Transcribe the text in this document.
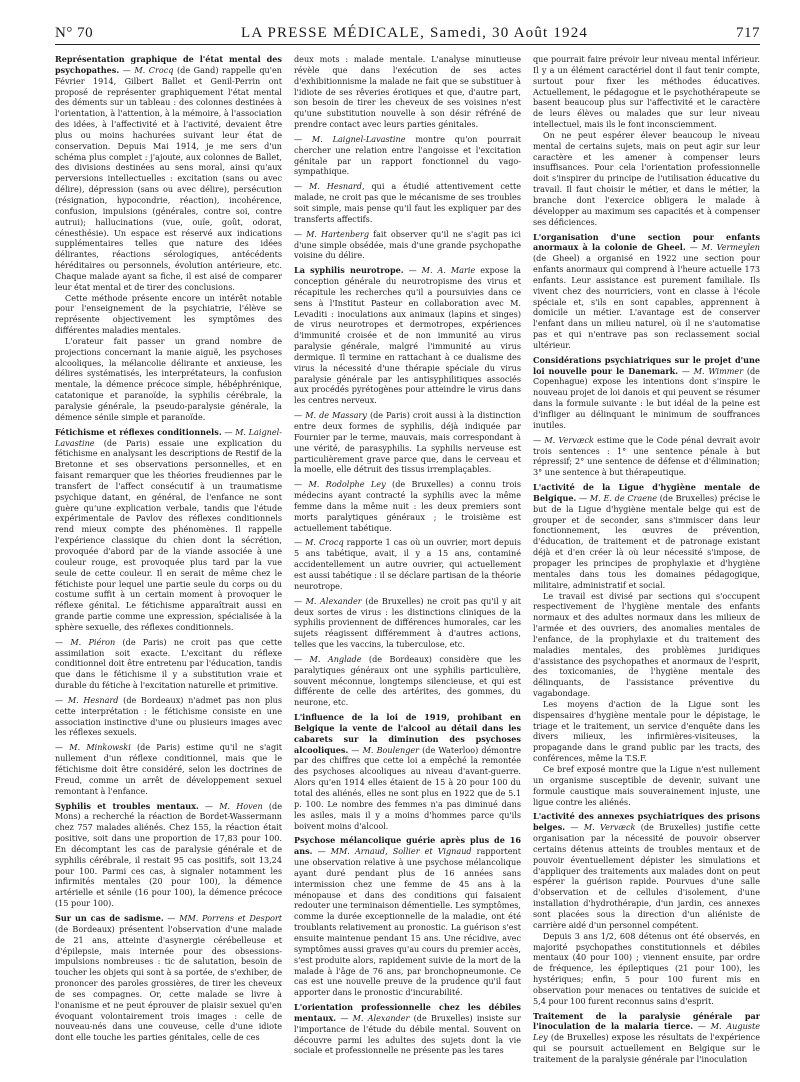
N° 70	LA PRESSE MÉDICALE, Samedi, 30 Août 1924	717

Représentation graphique de l'état mental des psychopathes. — M. Crocq (de Gand) rappelle qu'en Février 1914, Gilbert Ballet et Genil-Perrin ont proposé de représenter graphiquement l'état mental des déments sur un tableau : des colonnes destinées à l'orientation, à l'attention, à la mémoire, à l'association des idées, à l'affectivité et à l'activité, devaient être plus ou moins hachurées suivant leur état de conservation. Depuis Mai 1914, je me sers d'un schéma plus complet : j'ajoute, aux colonnes de Ballet, des divisions destinées au sens moral, ainsi qu'aux perversions intellectuelles : excitation (sans ou avec délire), dépression (sans ou avec délire), persécution (résignation, hypocondrie, réaction), incohérence, confusion, impulsions (générales, contre soi, contre autrui); hallucinations (vue, ouïe, goût, odorat, cénesthésie). Un espace est réservé aux indications supplémentaires telles que nature des idées délirantes, réactions sérologiques, antécédents héréditaires ou personnels, évolution antérieure, etc. Chaque malade ayant sa fiche, il est aisé de comparer leur état mental et de tirer des conclusions.

Cette méthode présente encore un intérêt notable pour l'enseignement de la psychiatrie, l'élève se représente objectivement les symptômes des différentes maladies mentales.

L'orateur fait passer un grand nombre de projections concernant la manie aiguë, les psychoses alcooliques, la mélancolie délirante et anxieuse, les délires systématisés, les interprétateurs, la confusion mentale, la démence précoce simple, hébéphrénique, catatonique et paranoïde, la syphilis cérébrale, la paralysie générale, la pseudo-paralysie générale, la démence sénile simple et paranoïde.

Fétichisme et réflexes conditionnels. — M. Laignel-Lavastine (de Paris) essaie une explication du fétichisme en analysant les descriptions de Restif de la Bretonne et ses observations personnelles, et en faisant remarquer que les théories freudiennes par le transfert de l'affect consécutif à un traumatisme psychique datant, en général, de l'enfance ne sont guère qu'une explication verbale, tandis que l'étude expérimentale de Pavlov des réflexes conditionnels rend mieux compte des phénomènes. Il rappelle l'expérience classique du chien dont la sécrétion, provoquée d'abord par de la viande associée à une couleur rouge, est provoquée plus tard par la vue seule de cette couleur. Il en serait de même chez le fétichiste pour lequel une partie seule du corps ou du costume suffit à un certain moment à provoquer le réflexe génital. Le fétichisme apparaîtrait aussi en grande partie comme une expression, spécialisée à la sphère sexuelle, des réflexes conditionnels.

— M. Piéron (de Paris) ne croit pas que cette assimilation soit exacte. L'excitant du réflexe conditionnel doit être entretenu par l'éducation, tandis que dans le fétichisme il y a substitution vraie et durable du fétiche à l'excitation naturelle et primitive.

— M. Hesnard (de Bordeaux) n'admet pas non plus cette interprétation : le fétichisme consiste en une association instinctive d'une ou plusieurs images avec les réflexes sexuels.

— M. Minkowski (de Paris) estime qu'il ne s'agit nullement d'un réflexe conditionnel, mais que le fétichisme doit être considéré, selon les doctrines de Freud, comme un arrêt de développement sexuel remontant à l'enfance.

Syphilis et troubles mentaux. — M. Hoven (de Mons) a recherché la réaction de Bordet-Wassermann chez 757 malades aliénés. Chez 155, la réaction était positive, soit dans une proportion de 17,83 pour 100. En décomptant les cas de paralysie générale et de syphilis cérébrale, il restait 95 cas positifs, soit 13,24 pour 100. Parmi ces cas, à signaler notamment les infirmités mentales (20 pour 100), la démence artérielle et sénile (16 pour 100), la démence précoce (15 pour 100).

Sur un cas de sadisme. — MM. Porrens et Desport (de Bordeaux) présentent l'observation d'une malade de 21 ans, atteinte d'asynergie cérébelleuse et d'épilepsie, mais internée pour des obsessions-impulsions nombreuses : tic de salutation, besoin de toucher les objets qui sont à sa portée, de s'exhiber, de prononcer des paroles grossières, de tirer les cheveux de ses compagnes. Or, cette malade se livre à l'onanisme et ne peut éprouver de plaisir sexuel qu'en évoquant volontairement trois images : celle de nouveau-nés dans une couveuse, celle d'une idiote dont elle touche les parties génitales, celle de ces

deux mots : malade mentale. L'analyse minutieuse révèle que dans l'exécution de ses actes d'exhibitionnisme la malade ne fait que se substituer à l'idiote de ses rêveries érotiques et que, d'autre part, son besoin de tirer les cheveux de ses voisines n'est qu'une substitution nouvelle à son désir réfréné de prendre contact avec leurs parties génitales.

— M. Laignel-Lavastine montre qu'on pourrait chercher une relation entre l'angoisse et l'excitation génitale par un rapport fonctionnel du vago-sympathique.

— M. Hesnard, qui a étudié attentivement cette malade, ne croit pas que le mécanisme de ses troubles soit simple, mais pense qu'il faut les expliquer par des transferts affectifs.

— M. Hartenberg fait observer qu'il ne s'agit pas ici d'une simple obsédée, mais d'une grande psychopathe voisine du délire.

La syphilis neurotrope. — M. A. Marie expose la conception générale du neurotropisme des virus et récapitule les recherches qu'il a poursuivies dans ce sens à l'Institut Pasteur en collaboration avec M. Levaditi : inoculations aux animaux (lapins et singes) de virus neurotropes et dermotropes, expériences d'immunité croisée et de non immunité au virus paralysie générale, malgré l'immunité au virus dermique. Il termine en rattachant à ce dualisme des virus la nécessité d'une thérapie spéciale du virus paralysie générale par les antisyphilitiques associés aux procédés pyrétogènes pour atteindre le virus dans les centres nerveux.

— M. de Massary (de Paris) croit aussi à la distinction entre deux formes de syphilis, déjà indiquée par Fournier par le terme, mauvais, mais correspondant à une vérité, de parasyphilis. La syphilis nerveuse est particulièrement grave parce que, dans le cerveau et la moelle, elle détruit des tissus irremplaçables.

— M. Rodolphe Ley (de Bruxelles) a connu trois médecins ayant contracté la syphilis avec la même femme dans la même nuit : les deux premiers sont morts paralytiques généraux ; le troisième est actuellement tabétique.

— M. Crocq rapporte 1 cas où un ouvrier, mort depuis 5 ans tabétique, avait, il y a 15 ans, contaminé accidentellement un autre ouvrier, qui actuellement est aussi tabétique : il se déclare partisan de la théorie neurotrope.

— M. Alexander (de Bruxelles) ne croit pas qu'il y ait deux sortes de virus : les distinctions cliniques de la syphilis proviennent de différences humorales, car les sujets réagissent différemment à d'autres actions, telles que les vaccins, la tuberculose, etc.

— M. Anglade (de Bordeaux) considère que les paralytiques généraux ont une syphilis particulière, souvent méconnue, longtemps silencieuse, et qui est différente de celle des artérites, des gommes, du neurone, etc.

L'influence de la loi de 1919, prohibant en Belgique la vente de l'alcool au détail dans les cabarets sur la diminution des psychoses alcooliques. — M. Boulenger (de Waterloo) démontre par des chiffres que cette loi a empêché la remontée des psychoses alcooliques au niveau d'avant-guerre. Alors qu'en 1914 elles étaient de 15 à 20 pour 100 du total des aliénés, elles ne sont plus en 1922 que de 5.1 p. 100. Le nombre des femmes n'a pas diminué dans les asiles, mais il y a moins d'hommes parce qu'ils boivent moins d'alcool.

Psychose mélancolique guérie après plus de 16 ans. — MM. Arnaud, Sollier et Vignaud rapportent une observation relative à une psychose mélancolique ayant duré pendant plus de 16 années sans intermission chez une femme de 45 ans à la ménopause et dans des conditions qui faisaient redouter une terminaison démentielle. Les symptômes, comme la durée exceptionnelle de la maladie, ont été troublants relativement au pronostic. La guérison s'est ensuite maintenue pendant 15 ans. Une récidive, avec symptômes aussi graves qu'au cours du premier accès, s'est produite alors, rapidement suivie de la mort de la malade à l'âge de 76 ans, par bronchopneumonie. Ce cas est une nouvelle preuve de la prudence qu'il faut apporter dans le pronostic d'incurabilité.

L'orientation professionnelle chez les débiles mentaux. — M. Alexander (de Bruxelles) insiste sur l'importance de l'étude du débile mental. Souvent on découvre parmi les adultes des sujets dont la vie sociale et professionnelle ne présente pas les tares

que pourrait faire prévoir leur niveau mental inférieur. Il y a un élément caractériel dont il faut tenir compte, surtout pour fixer les méthodes éducatives. Actuellement, le pédagogue et le psychothérapeute se basent beaucoup plus sur l'affectivité et le caractère de leurs élèves ou malades que sur leur niveau intellectuel, mais ils le font inconsciemment.

On ne peut espérer élever beaucoup le niveau mental de certains sujets, mais on peut agir sur leur caractère et les amener à compenser leurs insuffisances. Pour cela l'orientation professionnelle doit s'inspirer du principe de l'utilisation éducative du travail. Il faut choisir le métier, et dans le métier, la branche dont l'exercice obligera le malade à développer au maximum ses capacités et à compenser ses déficiences.

L'organisation d'une section pour enfants anormaux à la colonie de Gheel. — M. Vermeylen (de Gheel) a organisé en 1922 une section pour enfants anormaux qui comprend à l'heure actuelle 173 enfants. Leur assistance est purement familiale. Ils vivent chez des nourriciers, vont en classe à l'école spéciale et, s'ils en sont capables, apprennent à domicile un métier. L'avantage est de conserver l'enfant dans un milieu naturel, où il ne s'automatise pas et qui n'entrave pas son reclassement social ultérieur.

Considérations psychiatriques sur le projet d'une loi nouvelle pour le Danemark. — M. Wimmer (de Copenhague) expose les intentions dont s'inspire le nouveau projet de loi danois et qui peuvent se résumer dans la formule suivante : le but idéal de la peine est d'infliger au délinquant le minimum de souffrances inutiles.

— M. Vervæck estime que le Code pénal devrait avoir trois sentences : 1° une sentence pénale à but répressif; 2° une sentence de défense et d'élimination; 3° une sentence à but thérapeutique.

L'activité de la Ligue d'hygiène mentale de Belgique. — M. E. de Craene (de Bruxelles) précise le but de la Ligue d'hygiène mentale belge qui est de grouper et de seconder, sans s'immiscer dans leur fonctionnement, les œuvres de prévention, d'éducation, de traitement et de patronage existant déjà et d'en créer là où leur nécessité s'impose, de propager les principes de prophylaxie et d'hygiène mentales dans tous les domaines pédagogique, militaire, administratif et social.

Le travail est divisé par sections qui s'occupent respectivement de l'hygiène mentale des enfants normaux et des adultes normaux dans les milieux de l'armée et des ouvriers, des anomalies mentales de l'enfance, de la prophylaxie et du traitement des maladies mentales, des problèmes juridiques d'assistance des psychopathes et anormaux de l'esprit, des toxicomanies, de l'hygiène mentale des délinquants, de l'assistance préventive du vagabondage.

Les moyens d'action de la Ligue sont les dispensaires d'hygiène mentale pour le dépistage, le triage et le traitement, un service d'enquête dans les divers milieux, les infirmières-visiteuses, la propagande dans le grand public par les tracts, des conférences, même la T.S.F.

Ce bref exposé montre que la Ligue n'est nullement un organisme susceptible de devenir, suivant une formule caustique mais souverainement injuste, une ligue contre les aliénés.

L'activité des annexes psychiatriques des prisons belges. — M. Vervæck (de Bruxelles) justifie cette organisation par la nécessité de pouvoir observer certains détenus atteints de troubles mentaux et de pouvoir éventuellement dépister les simulations et d'appliquer des traitements aux malades dont on peut espérer la guérison rapide. Pourvues d'une salle d'observation et de cellules d'isolement, d'une installation d'hydrothérapie, d'un jardin, ces annexes sont placées sous la direction d'un aliéniste de carrière aidé d'un personnel compétent.

Depuis 3 ans 1/2, 608 détenus ont été observés, en majorité psychopathes constitutionnels et débiles mentaux (40 pour 100) ; viennent ensuite, par ordre de fréquence, les épileptiques (21 pour 100), les hystériques; enfin, 5 pour 100 furent mis en observation pour menaces ou tentatives de suicide et 5,4 pour 100 furent reconnus sains d'esprit.

Traitement de la paralysie générale par l'inoculation de la malaria tierce. — M. Auguste Ley (de Bruxelles) expose les résultats de l'expérience qui se poursuit actuellement en Belgique sur le traitement de la paralysie générale par l'inoculation
